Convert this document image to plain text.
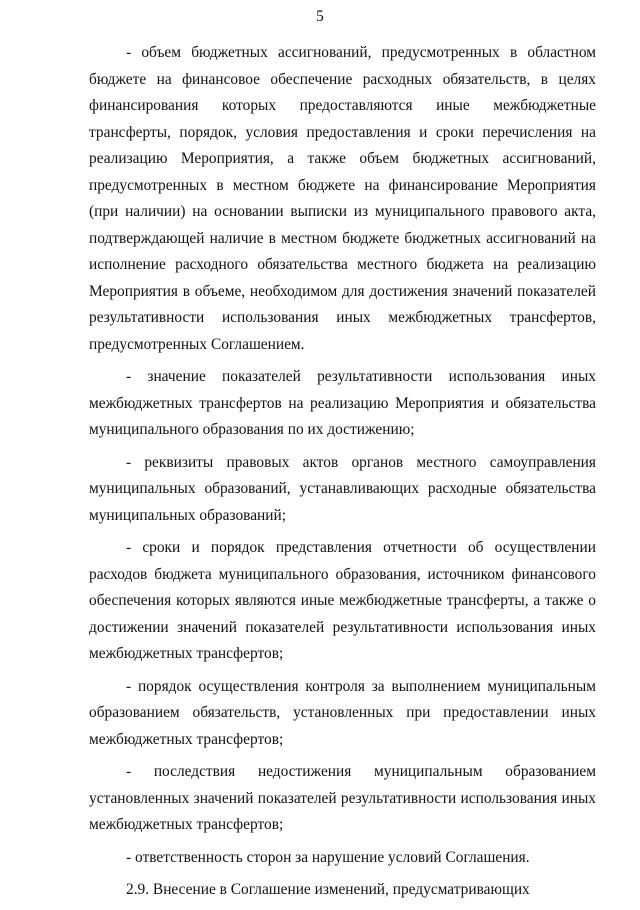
5

- объем бюджетных ассигнований, предусмотренных в областном бюджете на финансовое обеспечение расходных обязательств, в целях финансирования которых предоставляются иные межбюджетные трансферты, порядок, условия предоставления и сроки перечисления на реализацию Мероприятия, а также объем бюджетных ассигнований, предусмотренных в местном бюджете на финансирование Мероприятия (при наличии) на основании выписки из муниципального правового акта, подтверждающей наличие в местном бюджете бюджетных ассигнований на исполнение расходного обязательства местного бюджета на реализацию Мероприятия в объеме, необходимом для достижения значений показателей результативности использования иных межбюджетных трансфертов, предусмотренных Соглашением.

- значение показателей результативности использования иных межбюджетных трансфертов на реализацию Мероприятия и обязательства муниципального образования по их достижению;

- реквизиты правовых актов органов местного самоуправления муниципальных образований, устанавливающих расходные обязательства муниципальных образований;

- сроки и порядок представления отчетности об осуществлении расходов бюджета муниципального образования, источником финансового обеспечения которых являются иные межбюджетные трансферты, а также о достижении значений показателей результативности использования иных межбюджетных трансфертов;

- порядок осуществления контроля за выполнением муниципальным образованием обязательств, установленных при предоставлении иных межбюджетных трансфертов;

- последствия недостижения муниципальным образованием установленных значений показателей результативности использования иных межбюджетных трансфертов;

- ответственность сторон за нарушение условий Соглашения.

2.9. Внесение в Соглашение изменений, предусматривающих
